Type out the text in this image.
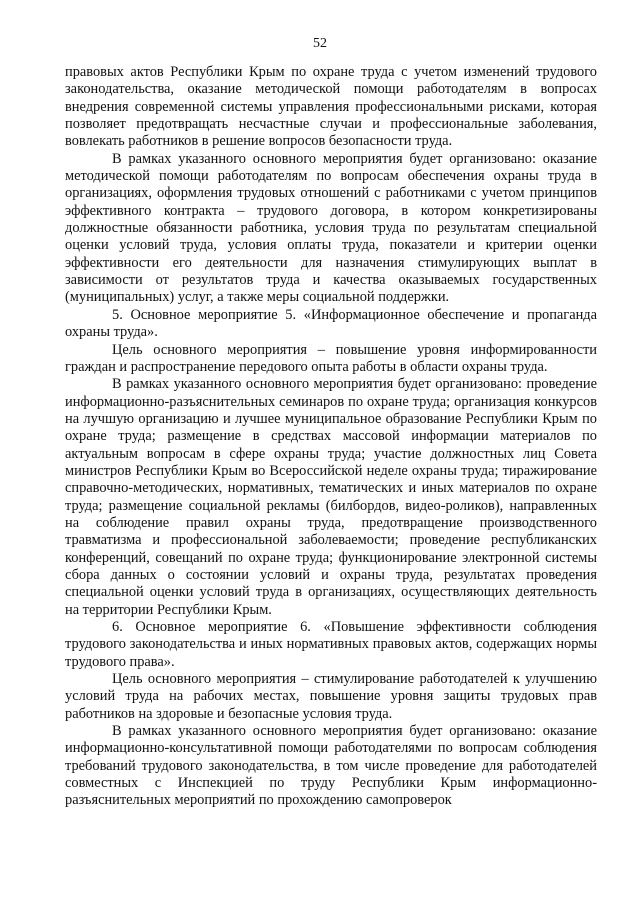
52

правовых актов Республики Крым по охране труда с учетом изменений трудового законодательства, оказание методической помощи работодателям в вопросах внедрения современной системы управления профессиональными рисками, которая позволяет предотвращать несчастные случаи и профессиональные заболевания, вовлекать работников в решение вопросов безопасности труда.

В рамках указанного основного мероприятия будет организовано: оказание методической помощи работодателям по вопросам обеспечения охраны труда в организациях, оформления трудовых отношений с работниками с учетом принципов эффективного контракта – трудового договора, в котором конкретизированы должностные обязанности работника, условия труда по результатам специальной оценки условий труда, условия оплаты труда, показатели и критерии оценки эффективности его деятельности для назначения стимулирующих выплат в зависимости от результатов труда и качества оказываемых государственных (муниципальных) услуг, а также меры социальной поддержки.

5. Основное мероприятие 5. «Информационное обеспечение и пропаганда охраны труда».

Цель основного мероприятия – повышение уровня информированности граждан и распространение передового опыта работы в области охраны труда.

В рамках указанного основного мероприятия будет организовано: проведение информационно-разъяснительных семинаров по охране труда; организация конкурсов на лучшую организацию и лучшее муниципальное образование Республики Крым по охране труда; размещение в средствах массовой информации материалов по актуальным вопросам в сфере охраны труда; участие должностных лиц Совета министров Республики Крым во Всероссийской неделе охраны труда; тиражирование справочно-методических, нормативных, тематических и иных материалов по охране труда; размещение социальной рекламы (билбордов, видео-роликов), направленных на соблюдение правил охраны труда, предотвращение производственного травматизма и профессиональной заболеваемости; проведение республиканских конференций, совещаний по охране труда; функционирование электронной системы сбора данных о состоянии условий и охраны труда, результатах проведения специальной оценки условий труда в организациях, осуществляющих деятельность на территории Республики Крым.

6. Основное мероприятие 6. «Повышение эффективности соблюдения трудового законодательства и иных нормативных правовых актов, содержащих нормы трудового права».

Цель основного мероприятия – стимулирование работодателей к улучшению условий труда на рабочих местах, повышение уровня защиты трудовых прав работников на здоровые и безопасные условия труда.

В рамках указанного основного мероприятия будет организовано: оказание информационно-консультативной помощи работодателями по вопросам соблюдения требований трудового законодательства, в том числе проведение для работодателей совместных с Инспекцией по труду Республики Крым информационно-разъяснительных мероприятий по прохождению самопроверок
